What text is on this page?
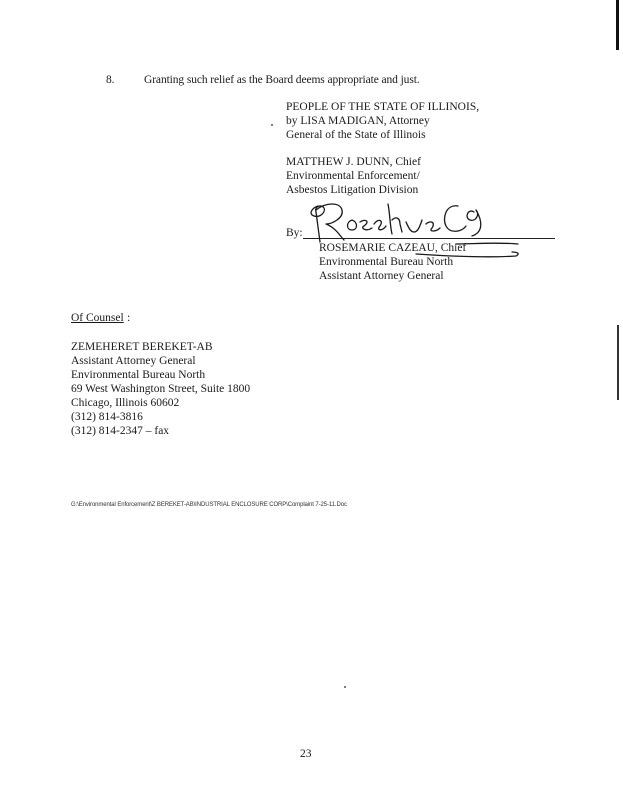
8.	Granting such relief as the Board deems appropriate and just.
PEOPLE OF THE STATE OF ILLINOIS,
by LISA MADIGAN, Attorney
General of the State of Illinois
MATTHEW J. DUNN, Chief
Environmental Enforcement/
Asbestos Litigation Division
By:
ROSEMARIE CAZEAU, Chief
Environmental Bureau North
Assistant Attorney General
Of Counsel :
ZEMEHERET BEREKET-AB
Assistant Attorney General
Environmental Bureau North
69 West Washington Street, Suite 1800
Chicago, Illinois 60602
(312) 814-3816
(312) 814-2347 – fax
G:\Environmental Enforcement\Z BEREKET-AB\INDUSTRIAL ENCLOSURE CORP\Complaint 7-25-11.Doc
23
